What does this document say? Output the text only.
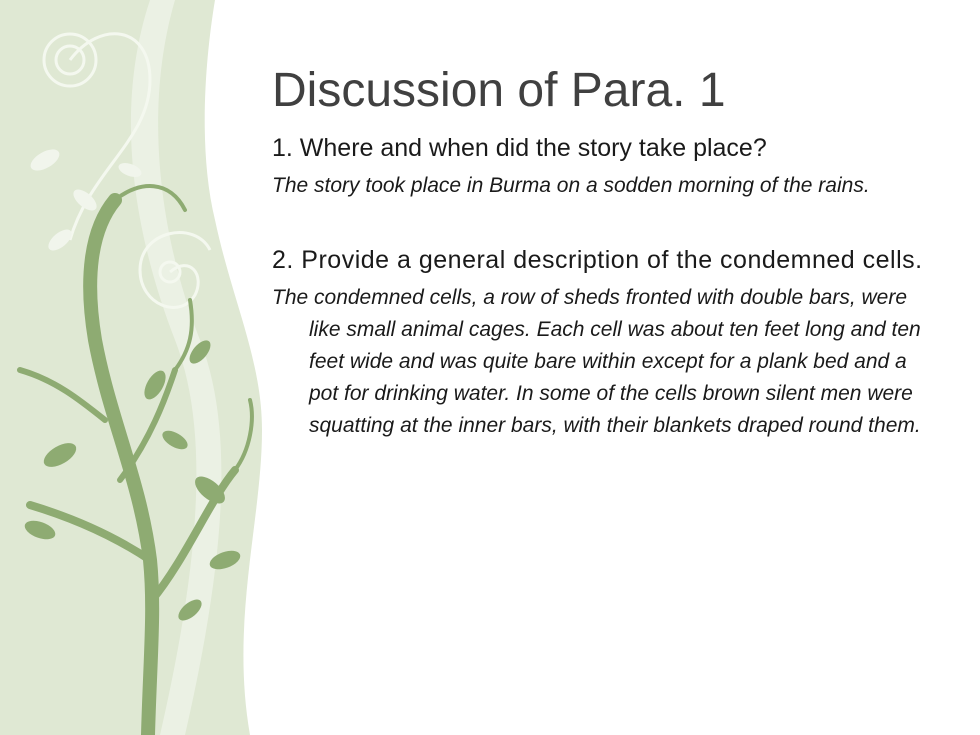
Discussion of Para. 1

1. Where and when did the story take place?

The story took place in Burma on a sodden morning of the rains.

2. Provide a general description of the condemned cells.

The condemned cells, a row of sheds fronted with double bars, were like small animal cages. Each cell was about ten feet long and ten feet wide and was quite bare within except for a plank bed and a pot for drinking water. In some of the cells brown silent men were squatting at the inner bars, with their blankets draped round them.
